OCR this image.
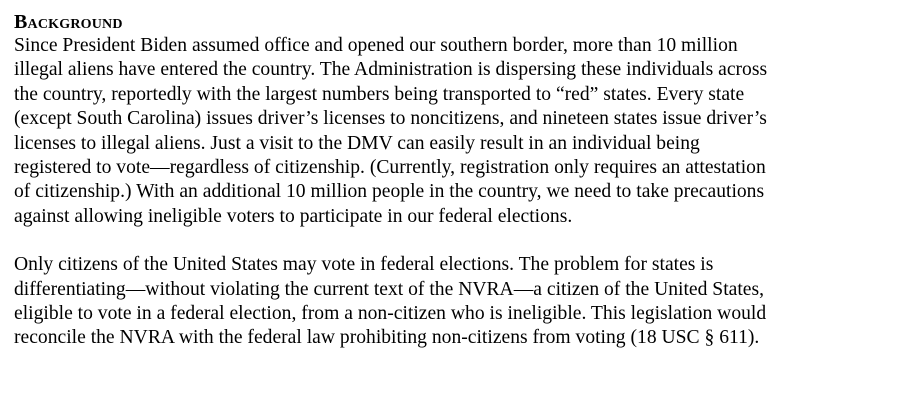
Background

Since President Biden assumed office and opened our southern border, more than 10 million
illegal aliens have entered the country. The Administration is dispersing these individuals across
the country, reportedly with the largest numbers being transported to “red” states. Every state
(except South Carolina) issues driver’s licenses to noncitizens, and nineteen states issue driver’s
licenses to illegal aliens. Just a visit to the DMV can easily result in an individual being
registered to vote—regardless of citizenship. (Currently, registration only requires an attestation
of citizenship.) With an additional 10 million people in the country, we need to take precautions
against allowing ineligible voters to participate in our federal elections.

Only citizens of the United States may vote in federal elections. The problem for states is
differentiating—without violating the current text of the NVRA—a citizen of the United States,
eligible to vote in a federal election, from a non-citizen who is ineligible. This legislation would
reconcile the NVRA with the federal law prohibiting non-citizens from voting (18 USC § 611).
